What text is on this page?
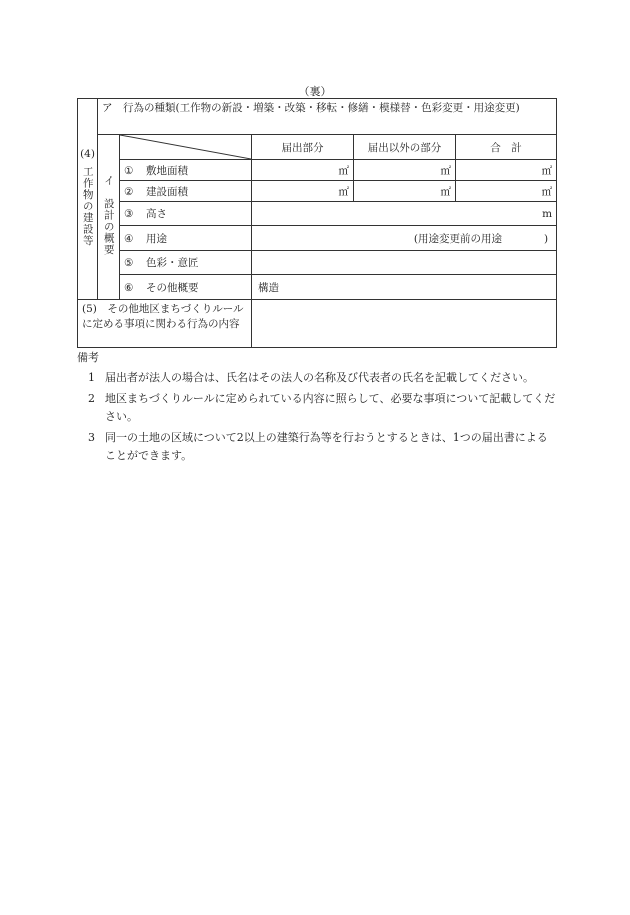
（裏）
(4)
工作物の建設等	ア　行為の種類(工作物の新設・増築・改築・移転・修繕・模様替・色彩変更・用途変更)				
	イ　設計の概要		届出部分	届出以外の部分	合　計
		① 敷地面積	㎡	㎡	㎡
		② 建設面積	㎡	㎡	㎡
		③ 高さ	m		
		④ 用途	(用途変更前の用途 )		
		⑤ 色彩・意匠			
		⑥ その他概要	構造		
(5)　 その他地区まちづくりルールに定める事項に関わる行為の内容					
備考
1 届出者が法人の場合は、氏名はその法人の名称及び代表者の氏名を記載してください。
2 地区まちづくりルールに定められている内容に照らして、必要な事項について記載してください。
3 同一の土地の区域について2以上の建築行為等を行おうとするときは、1つの届出書によることができます。
